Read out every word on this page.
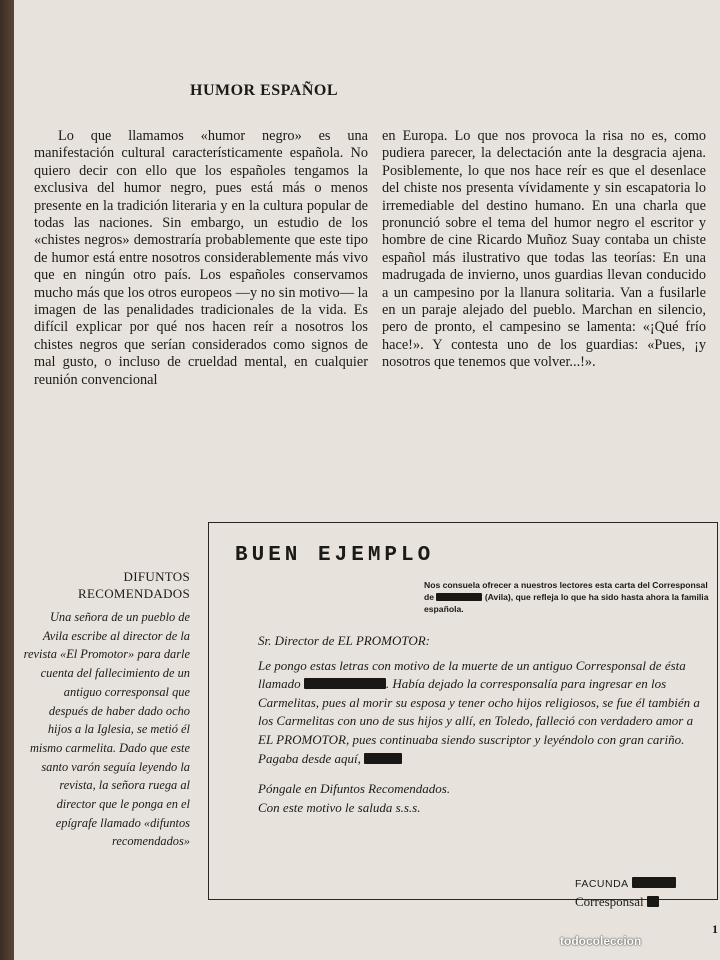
HUMOR ESPAÑOL

Lo que llamamos «humor negro» es una manifestación cultural característicamente española. No quiero decir con ello que los españoles tengamos la exclusiva del humor negro, pues está más o menos presente en la tradición literaria y en la cultura popular de todas las naciones. Sin embargo, un estudio de los «chistes negros» demostraría probablemente que este tipo de humor está entre nosotros considerablemente más vivo que en ningún otro país. Los españoles conservamos mucho más que los otros europeos —y no sin motivo— la imagen de las penalidades tradicionales de la vida. Es difícil explicar por qué nos hacen reír a nosotros los chistes negros que serían considerados como signos de mal gusto, o incluso de crueldad mental, en cualquier reunión convencional

en Europa. Lo que nos provoca la risa no es, como pudiera parecer, la delectación ante la desgracia ajena. Posiblemente, lo que nos hace reír es que el desenlace del chiste nos presenta vívidamente y sin escapatoria lo irremediable del destino humano. En una charla que pronunció sobre el tema del humor negro el escritor y hombre de cine Ricardo Muñoz Suay contaba un chiste español más ilustrativo que todas las teorías: En una madrugada de invierno, unos guardias llevan conducido a un campesino por la llanura solitaria. Van a fusilarle en un paraje alejado del pueblo. Marchan en silencio, pero de pronto, el campesino se lamenta: «¡Qué frío hace!». Y contesta uno de los guardias: «Pues, ¡y nosotros que tenemos que volver...!».

DIFUNTOS
RECOMENDADOS
Una señora de un pueblo de Avila escribe al director de la revista «El Promotor» para darle cuenta del fallecimiento de un antiguo corresponsal que después de haber dado ocho hijos a la Iglesia, se metió él mismo carmelita. Dado que este santo varón seguía leyendo la revista, la señora ruega al director que le ponga en el epígrafe llamado «difuntos recomendados»
BUEN EJEMPLO
Nos consuela ofrecer a nuestros lectores esta carta del Corresponsal de	(Avila), que refleja lo que ha sido hasta ahora la familia española.

Sr. Director de EL PROMOTOR:

Le pongo estas letras con motivo de la muerte de un antiguo Corresponsal de ésta llamado	. Había dejado la corresponsalía para ingresar en los Carmelitas, pues al morir su esposa y tener ocho hijos religiosos, se fue él también a los Carmelitas con uno de sus hijos y allí, en Toledo, falleció con verdadero amor a EL PROMOTOR, pues continuaba siendo suscriptor y leyéndolo con gran cariño. Pagaba desde aquí,

Póngale en Difuntos Recomendados.

Con este motivo le saluda s.s.s.

FACUNDA
Corresponsal
1
todocoleccion
